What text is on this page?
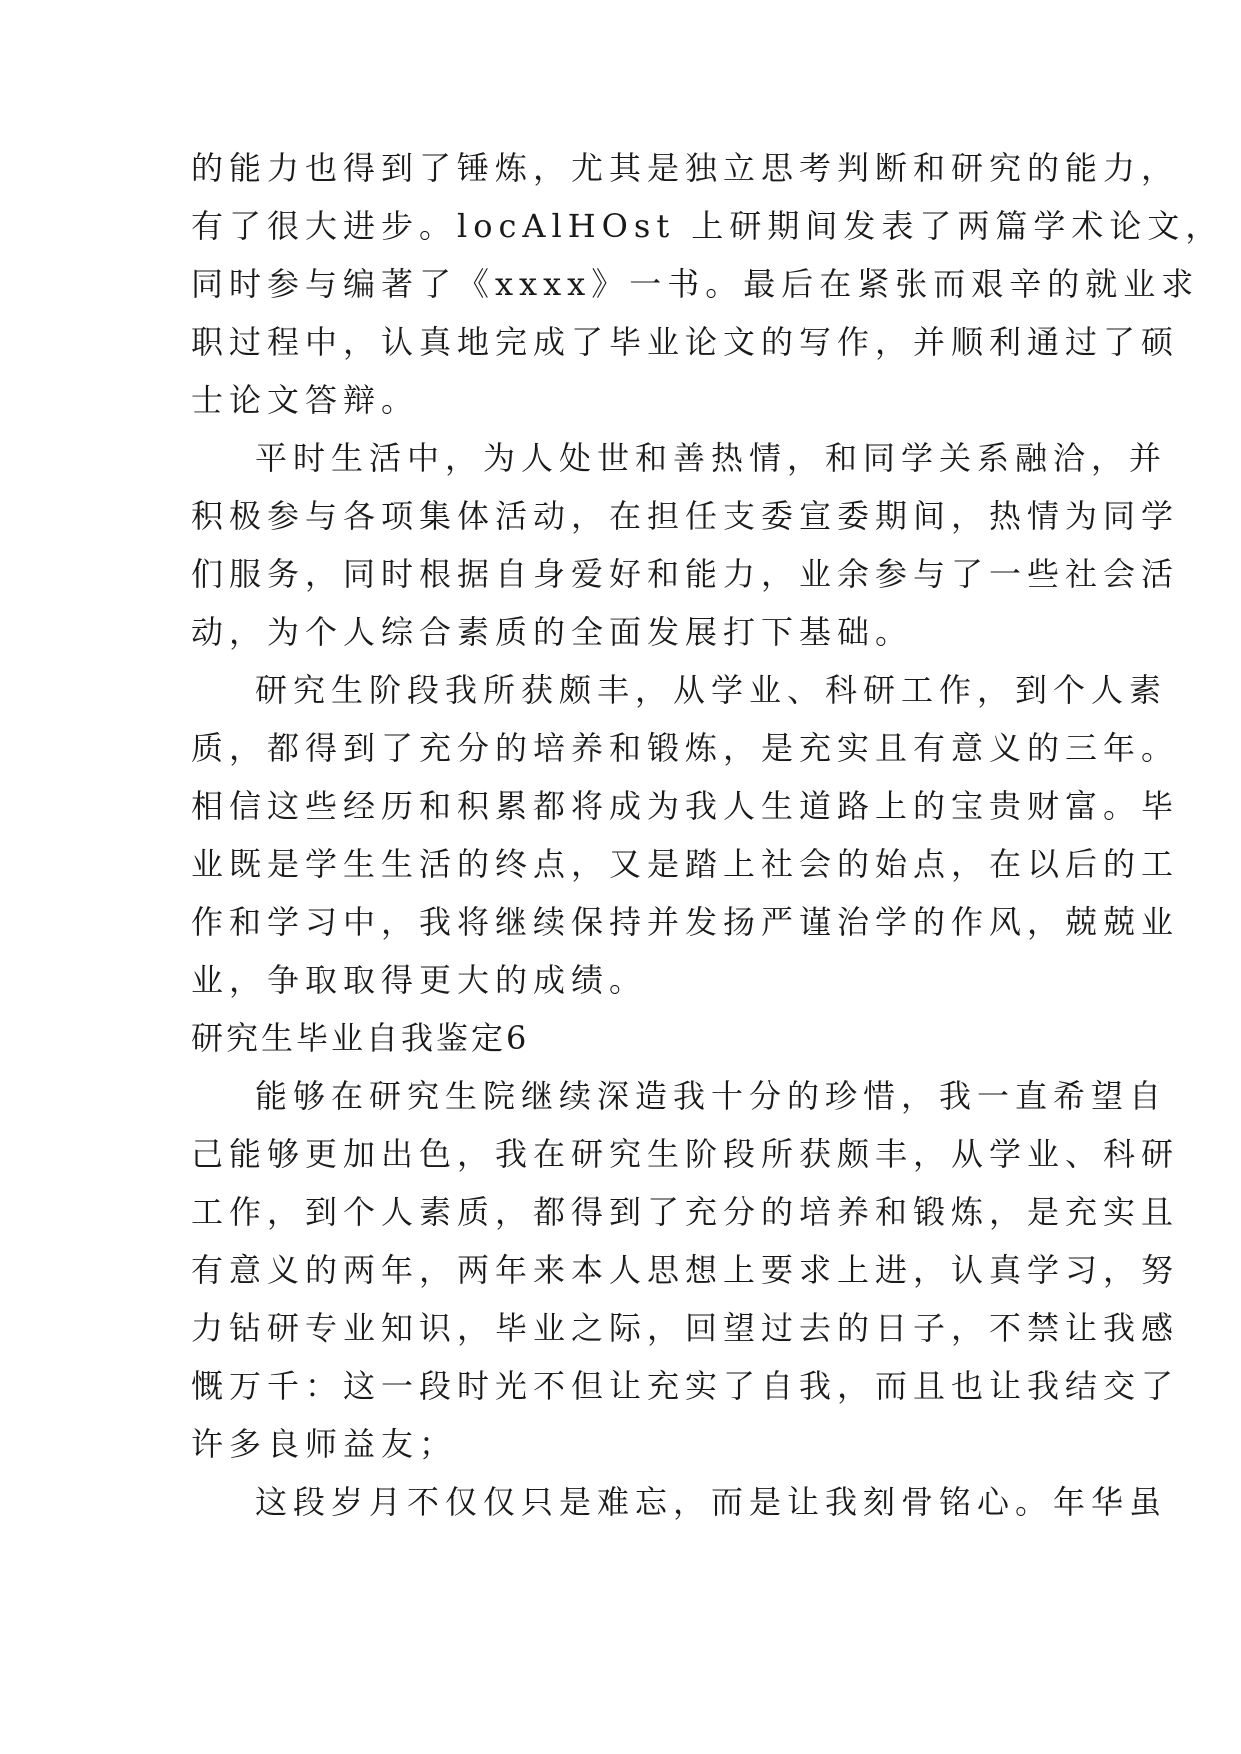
的能力也得到了锤炼，尤其是独立思考判断和研究的能力，
有了很大进步。locAlHOst 上研期间发表了两篇学术论文，
同时参与编著了《xxxx》一书。最后在紧张而艰辛的就业求
职过程中，认真地完成了毕业论文的写作，并顺利通过了硕
士论文答辩。
平时生活中，为人处世和善热情，和同学关系融洽，并
积极参与各项集体活动，在担任支委宣委期间，热情为同学
们服务，同时根据自身爱好和能力，业余参与了一些社会活
动，为个人综合素质的全面发展打下基础。
研究生阶段我所获颇丰，从学业、科研工作，到个人素
质，都得到了充分的培养和锻炼，是充实且有意义的三年。
相信这些经历和积累都将成为我人生道路上的宝贵财富。毕
业既是学生生活的终点，又是踏上社会的始点，在以后的工
作和学习中，我将继续保持并发扬严谨治学的作风，兢兢业
业，争取取得更大的成绩。
研究生毕业自我鉴定6
能够在研究生院继续深造我十分的珍惜，我一直希望自
己能够更加出色，我在研究生阶段所获颇丰，从学业、科研
工作，到个人素质，都得到了充分的培养和锻炼，是充实且
有意义的两年，两年来本人思想上要求上进，认真学习，努
力钻研专业知识，毕业之际，回望过去的日子，不禁让我感
慨万千：这一段时光不但让充实了自我，而且也让我结交了
许多良师益友；
这段岁月不仅仅只是难忘，而是让我刻骨铭心。年华虽
